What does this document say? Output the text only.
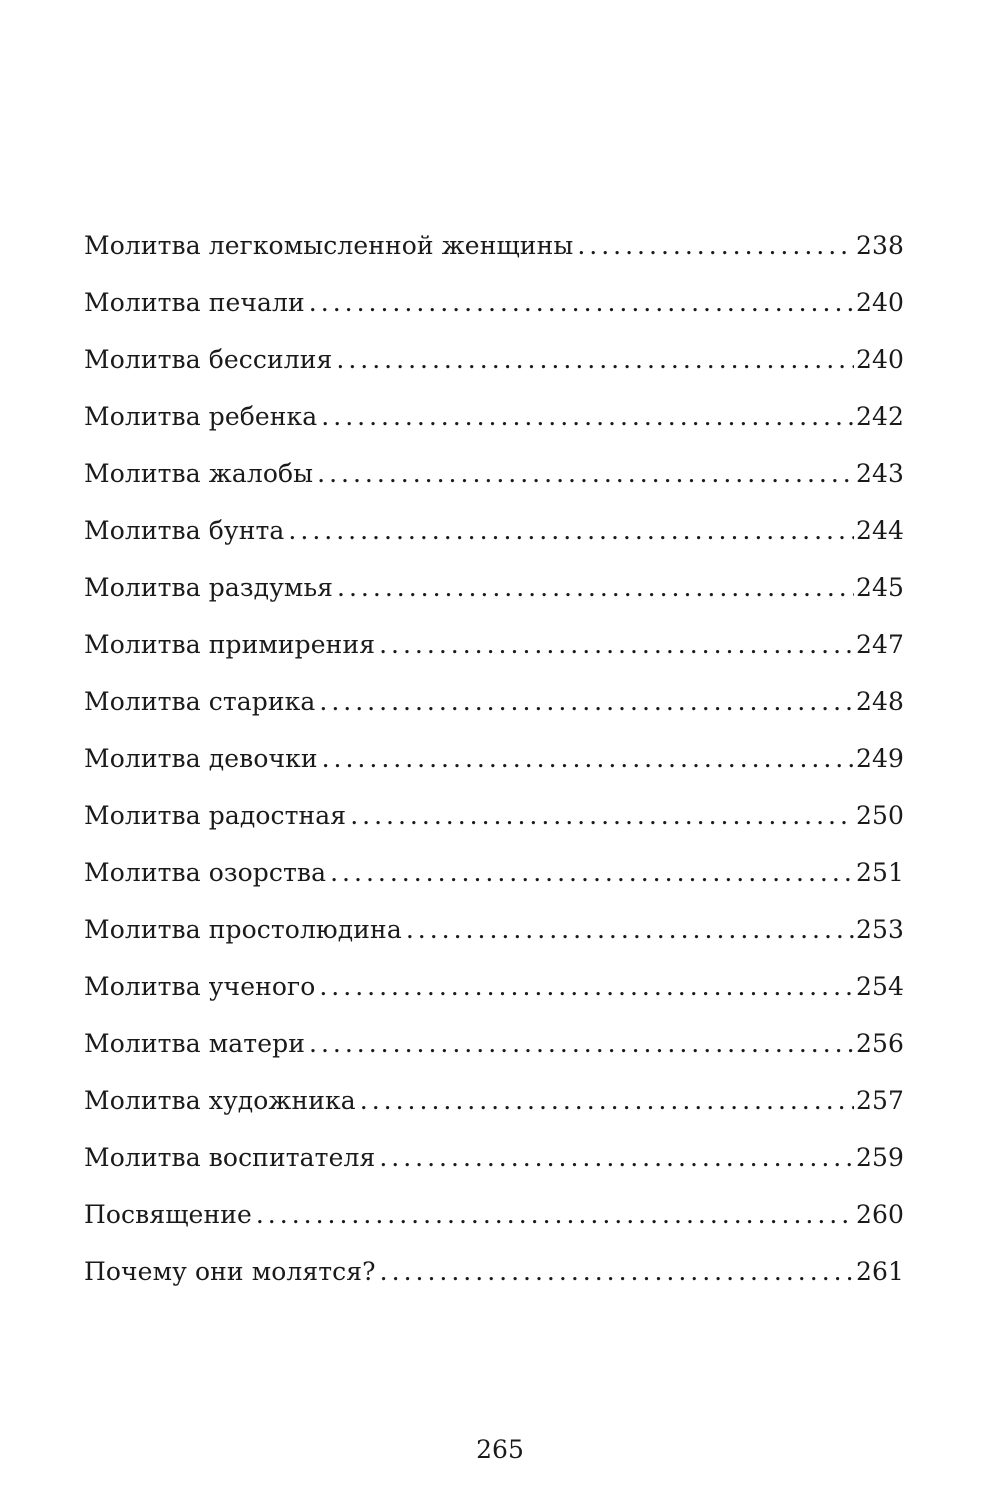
Молитва легкомысленной женщины .....	238
Молитва печали .....	240
Молитва бессилия .....	240
Молитва ребенка .....	242
Молитва жалобы .....	243
Молитва бунта .....	244
Молитва раздумья .....	245
Молитва примирения .....	247
Молитва старика .....	248
Молитва девочки .....	249
Молитва радостная .....	250
Молитва озорства .....	251
Молитва простолюдина .....	253
Молитва ученого .....	254
Молитва матери .....	256
Молитва художника .....	257
Молитва воспитателя .....	259
Посвящение .....	260
Почему они молятся? .....	261
265
